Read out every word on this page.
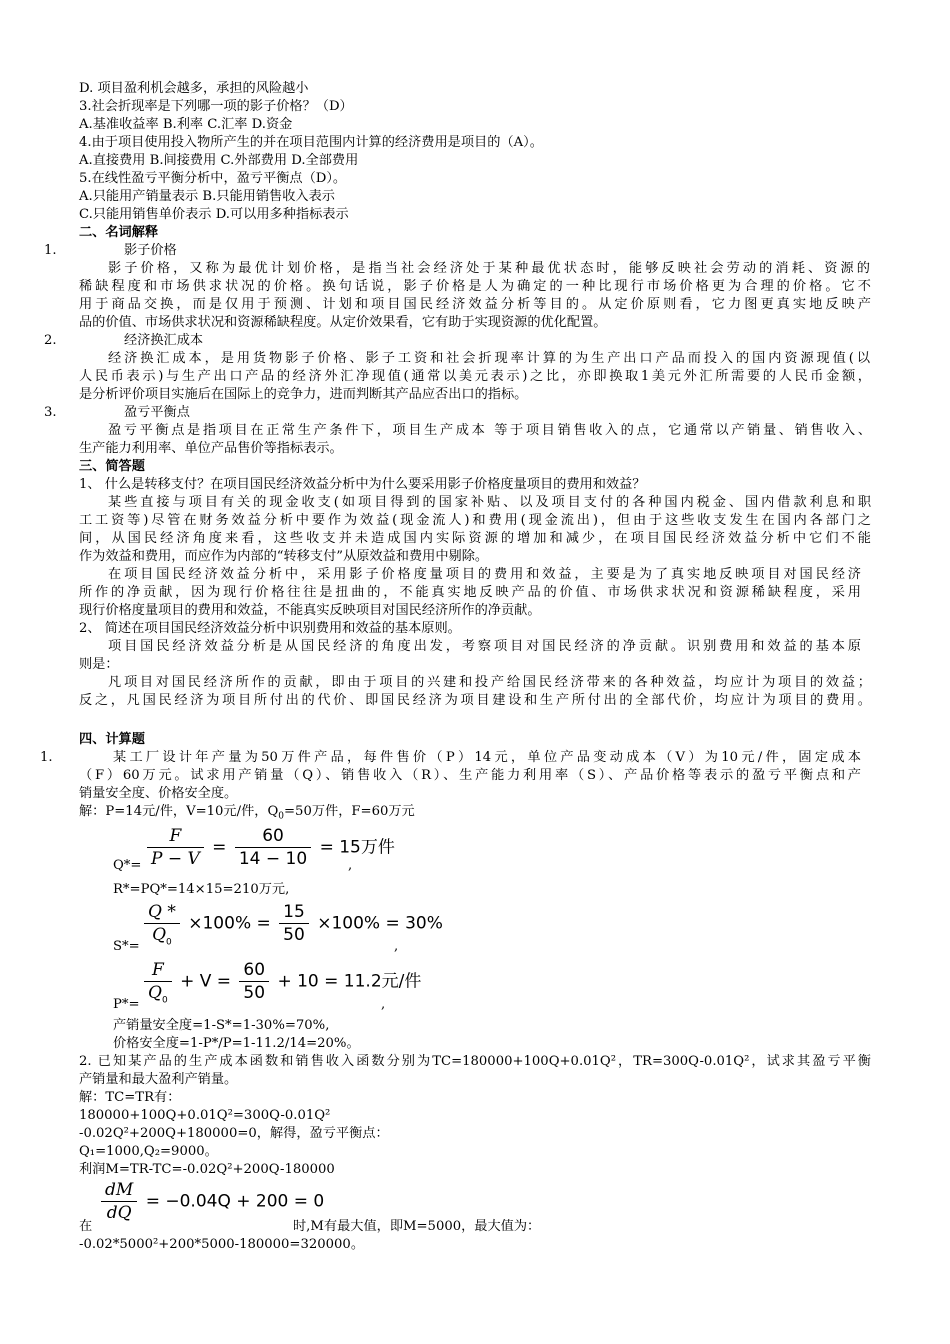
D. 项目盈利机会越多，承担的风险越小
3.社会折现率是下列哪一项的影子价格？（D）
A.基准收益率 B.利率 C.汇率 D.资金
4.由于项目使用投入物所产生的并在项目范围内计算的经济费用是项目的（A）。
A.直接费用 B.间接费用 C.外部费用 D.全部费用
5.在线性盈亏平衡分析中，盈亏平衡点（D）。
A.只能用产销量表示 B.只能用销售收入表示
C.只能用销售单价表示 D.可以用多种指标表示
二、名词解释
1.	影子价格
影子价格，又称为最优计划价格，是指当社会经济处于某种最优状态时，能够反映社会劳动的消耗、资源的
稀缺程度和市场供求状况的价格。换句话说，影子价格是人为确定的一种比现行市场价格更为合理的价格。它不
用于商品交换，而是仅用于预测、计划和项目国民经济效益分析等目的。从定价原则看，它力图更真实地反映产
品的价值、市场供求状况和资源稀缺程度。从定价效果看，它有助于实现资源的优化配置。
2.	经济换汇成本
经济换汇成本，是用货物影子价格、影子工资和社会折现率计算的为生产出口产品而投入的国内资源现值(以
人民币表示)与生产出口产品的经济外汇净现值(通常以美元表示)之比，亦即换取1美元外汇所需要的人民币金额，
是分析评价项目实施后在国际上的竞争力，进而判断其产品应否出口的指标。
3.	盈亏平衡点
盈亏平衡点是指项目在正常生产条件下，项目生产成本 等于项目销售收入的点，它通常以产销量、销售收入、
生产能力利用率、单位产品售价等指标表示。
三、简答题
1、 什么是转移支付？在项目国民经济效益分析中为什么要采用影子价格度量项目的费用和效益？
某些直接与项目有关的现金收支(如项目得到的国家补贴、以及项目支付的各种国内税金、国内借款利息和职
工工资等)尽管在财务效益分析中要作为效益(现金流人)和费用(现金流出)，但由于这些收支发生在国内各部门之
间，从国民经济角度来看，这些收支并未造成国内实际资源的增加和减少，在项目国民经济效益分析中它们不能
作为效益和费用，而应作为内部的“转移支付”从原效益和费用中剔除。
在项目国民经济效益分析中，采用影子价格度量项目的费用和效益，主要是为了真实地反映项目对国民经济
所作的净贡献，因为现行价格往往是扭曲的，不能真实地反映产品的价值、市场供求状况和资源稀缺程度，采用
现行价格度量项目的费用和效益，不能真实反映项目对国民经济所作的净贡献。
2、 简述在项目国民经济效益分析中识别费用和效益的基本原则。
项目国民经济效益分析是从国民经济的角度出发，考察项目对国民经济的净贡献。识别费用和效益的基本原
则是：
凡项目对国民经济所作的贡献，即由于项目的兴建和投产给国民经济带来的各种效益，均应计为项目的效益；
反之，凡国民经济为项目所付出的代价、即国民经济为项目建设和生产所付出的全部代价，均应计为项目的费用。
四、计算题
1.	某工厂设计年产量为50万件产品，每件售价（P）14元，单位产品变动成本（V）为10元/件，固定成本
（F）60万元。试求用产销量（Q）、销售收入（R）、生产能力利用率（S）、产品价格等表示的盈亏平衡点和产
销量安全度、价格安全度。
解：P=14元/件，V=10元/件，$Q_0=50$万件，F=60万元
$Q*= \frac{F}{P - V} = \frac{60}{14 - 10} = 15$万件
,
R*=PQ*=14×15=210万元,
S*=
$\frac{Q *}{Q_0} \times 100\% = \frac{15}{50} \times 100\% = 30\%$
,
P*=
$\frac{F}{Q_0} + V = \frac{60}{50} + 10 = 11.2$元/件
,
产销量安全度=1-S*=1-30%=70%,
价格安全度=1-P*/P=1-11.2/14=20%。
2. 已知某产品的生产成本函数和销售收入函数分别为TC=180000+100Q+0.01Q²，TR=300Q-0.01Q²，试求其盈亏平衡
产销量和最大盈利产销量。
解：TC=TR有：
180000+100Q+0.01Q²=300Q-0.01Q²
-0.02Q²+200Q+180000=0，解得，盈亏平衡点：
Q₁=1000,Q₂=9000。
利润M=TR-TC=-0.02Q²+200Q-180000
$\frac{dM}{dQ} = -0.04Q + 200 = 0$
在	时,M有最大值，即M=5000，最大值为：
-0.02*5000²+200*5000-180000=320000。
